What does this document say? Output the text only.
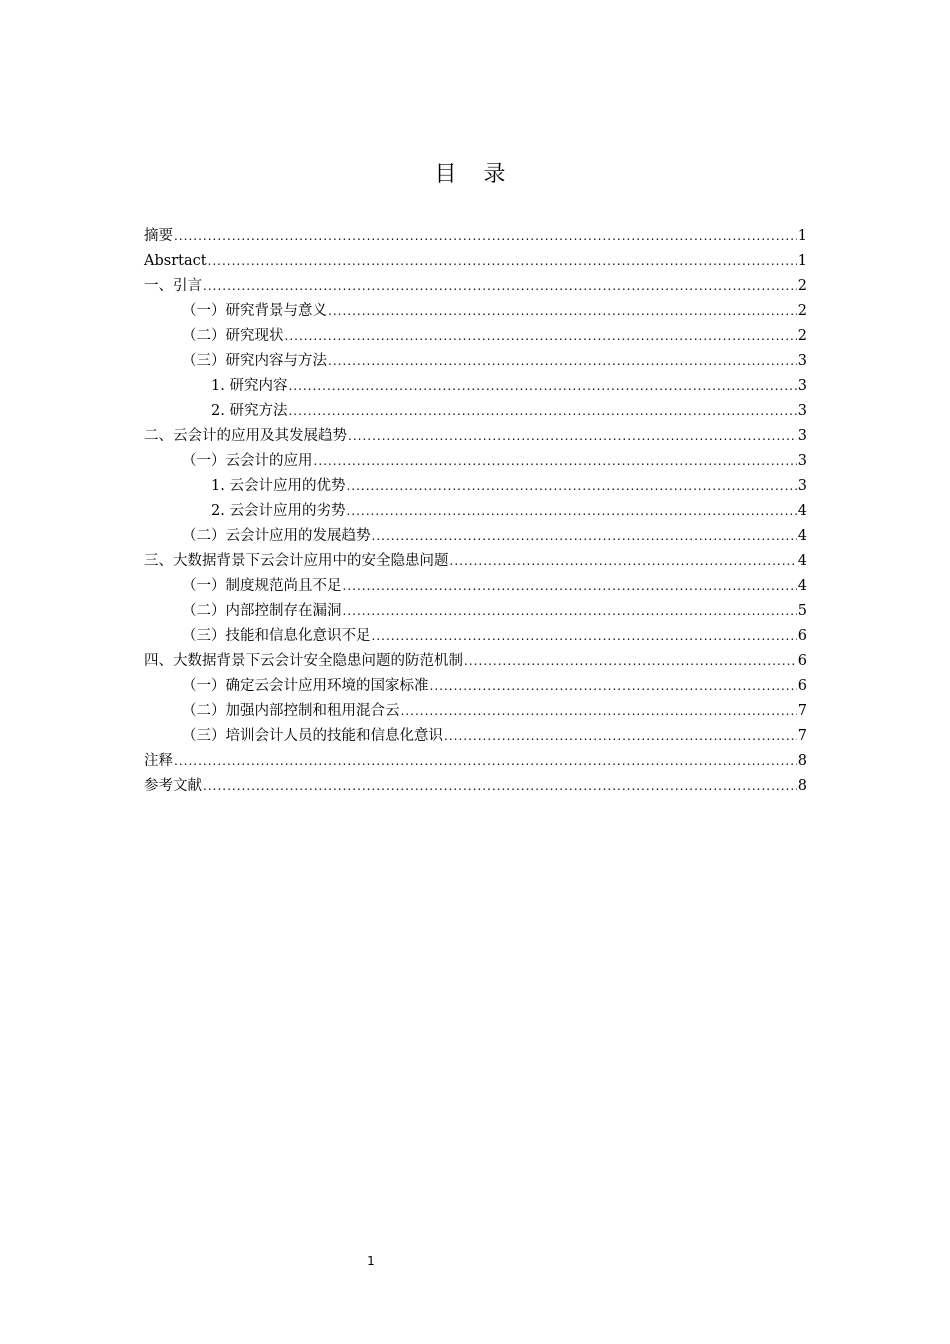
目 录
摘要 .....	1
Absrtact .....	1
一、引言 .....	2
（一）研究背景与意义 .....	2
（二）研究现状 .....	2
（三）研究内容与方法 .....	3
1. 研究内容 .....	3
2. 研究方法 .....	3
二、云会计的应用及其发展趋势 .....	3
（一）云会计的应用 .....	3
1. 云会计应用的优势 .....	3
2. 云会计应用的劣势 .....	4
（二）云会计应用的发展趋势 .....	4
三、大数据背景下云会计应用中的安全隐患问题 .....	4
（一）制度规范尚且不足 .....	4
（二）内部控制存在漏洞 .....	5
（三）技能和信息化意识不足 .....	6
四、大数据背景下云会计安全隐患问题的防范机制 .....	6
（一）确定云会计应用环境的国家标准 .....	6
（二）加强内部控制和租用混合云 .....	7
（三）培训会计人员的技能和信息化意识 .....	7
注释 .....	8
参考文献 .....	8
1
